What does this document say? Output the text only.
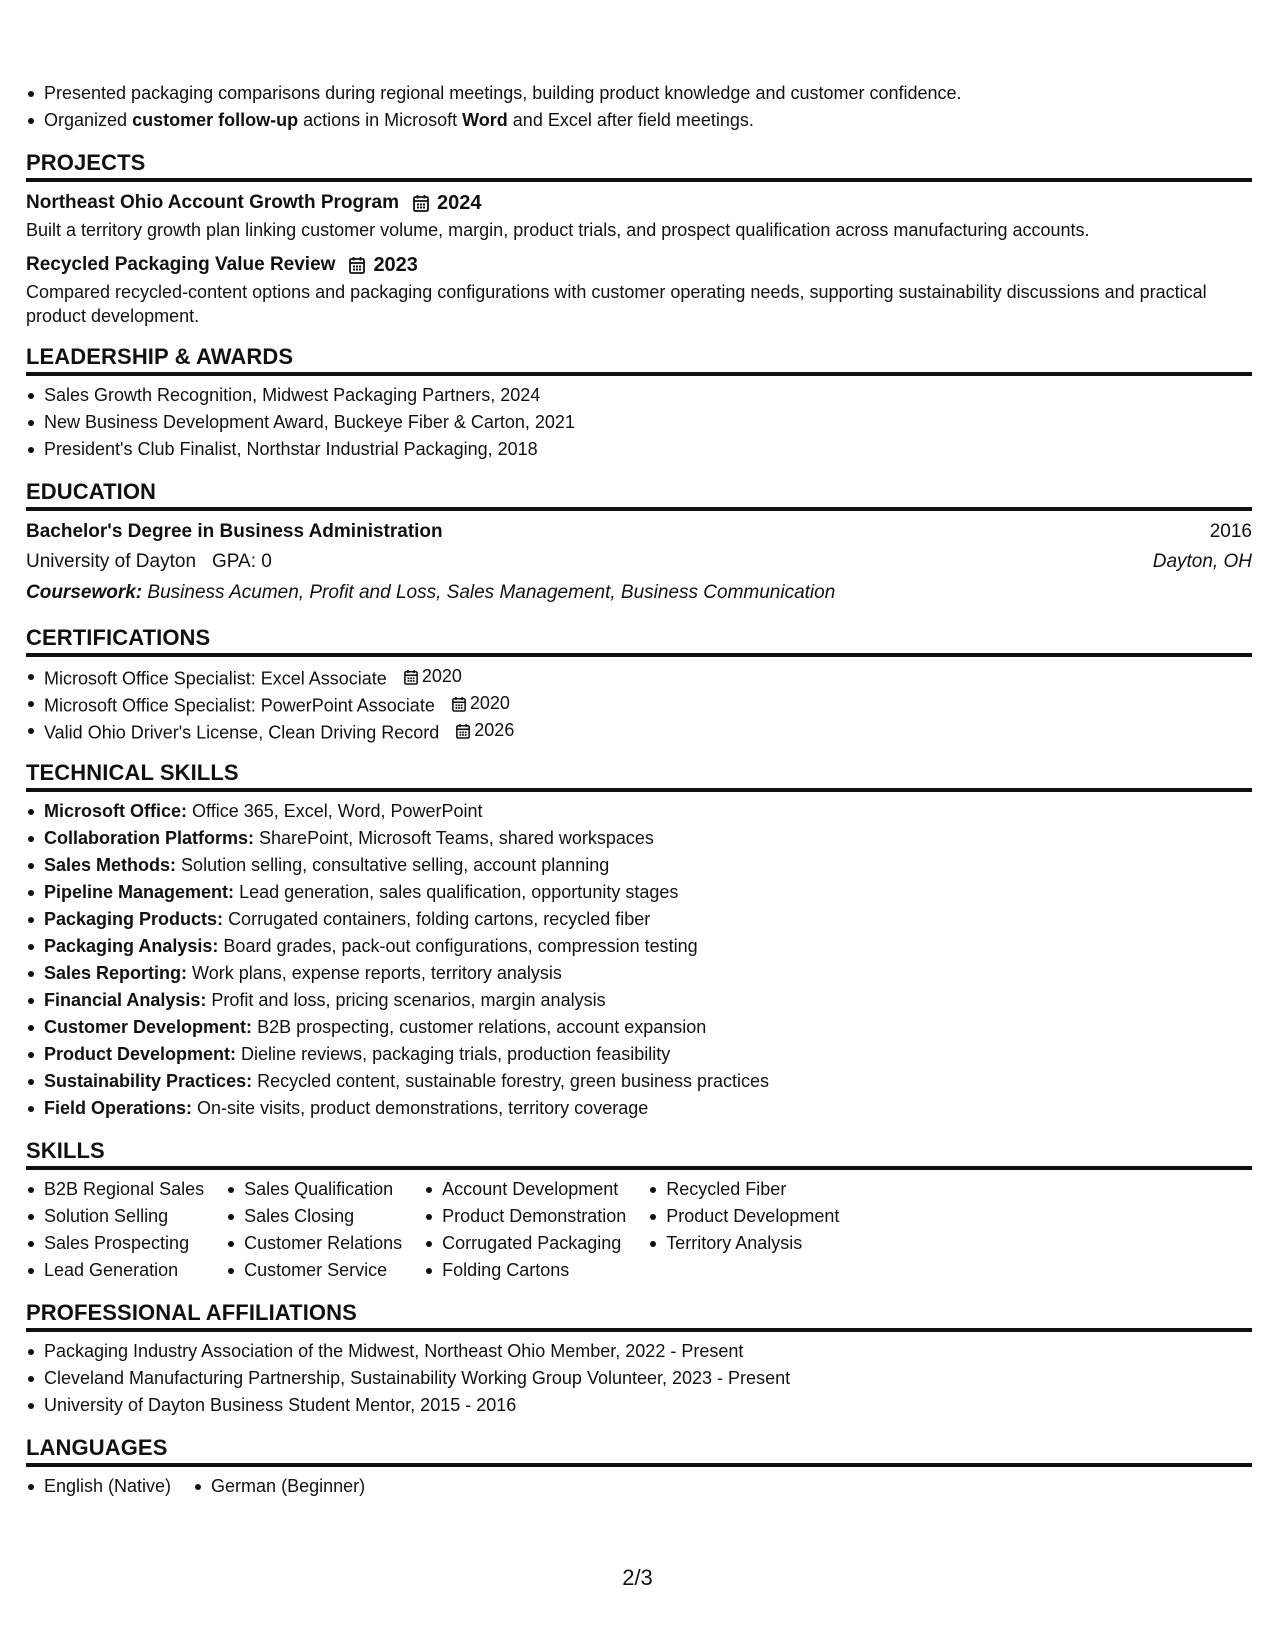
Presented packaging comparisons during regional meetings, building product knowledge and customer confidence.
Organized customer follow-up actions in Microsoft Word and Excel after field meetings.
PROJECTS
Northeast Ohio Account Growth Program 2024
Built a territory growth plan linking customer volume, margin, product trials, and prospect qualification across manufacturing accounts.
Recycled Packaging Value Review 2023
Compared recycled-content options and packaging configurations with customer operating needs, supporting sustainability discussions and practical product development.
LEADERSHIP & AWARDS
Sales Growth Recognition, Midwest Packaging Partners, 2024
New Business Development Award, Buckeye Fiber & Carton, 2021
President's Club Finalist, Northstar Industrial Packaging, 2018
EDUCATION
Bachelor's Degree in Business Administration	2016
University of Dayton GPA: 0	Dayton, OH
Coursework: Business Acumen, Profit and Loss, Sales Management, Business Communication
CERTIFICATIONS
Microsoft Office Specialist: Excel Associate 2020
Microsoft Office Specialist: PowerPoint Associate 2020
Valid Ohio Driver's License, Clean Driving Record 2026
TECHNICAL SKILLS
Microsoft Office: Office 365, Excel, Word, PowerPoint
Collaboration Platforms: SharePoint, Microsoft Teams, shared workspaces
Sales Methods: Solution selling, consultative selling, account planning
Pipeline Management: Lead generation, sales qualification, opportunity stages
Packaging Products: Corrugated containers, folding cartons, recycled fiber
Packaging Analysis: Board grades, pack-out configurations, compression testing
Sales Reporting: Work plans, expense reports, territory analysis
Financial Analysis: Profit and loss, pricing scenarios, margin analysis
Customer Development: B2B prospecting, customer relations, account expansion
Product Development: Dieline reviews, packaging trials, production feasibility
Sustainability Practices: Recycled content, sustainable forestry, green business practices
Field Operations: On-site visits, product demonstrations, territory coverage
SKILLS
B2B Regional Sales
Solution Selling
Sales Prospecting
Lead Generation
Sales Qualification
Sales Closing
Customer Relations
Customer Service
Account Development
Product Demonstration
Corrugated Packaging
Folding Cartons
Recycled Fiber
Product Development
Territory Analysis
PROFESSIONAL AFFILIATIONS
Packaging Industry Association of the Midwest, Northeast Ohio Member, 2022 - Present
Cleveland Manufacturing Partnership, Sustainability Working Group Volunteer, 2023 - Present
University of Dayton Business Student Mentor, 2015 - 2016
LANGUAGES
English (Native)	German (Beginner)
2/3
